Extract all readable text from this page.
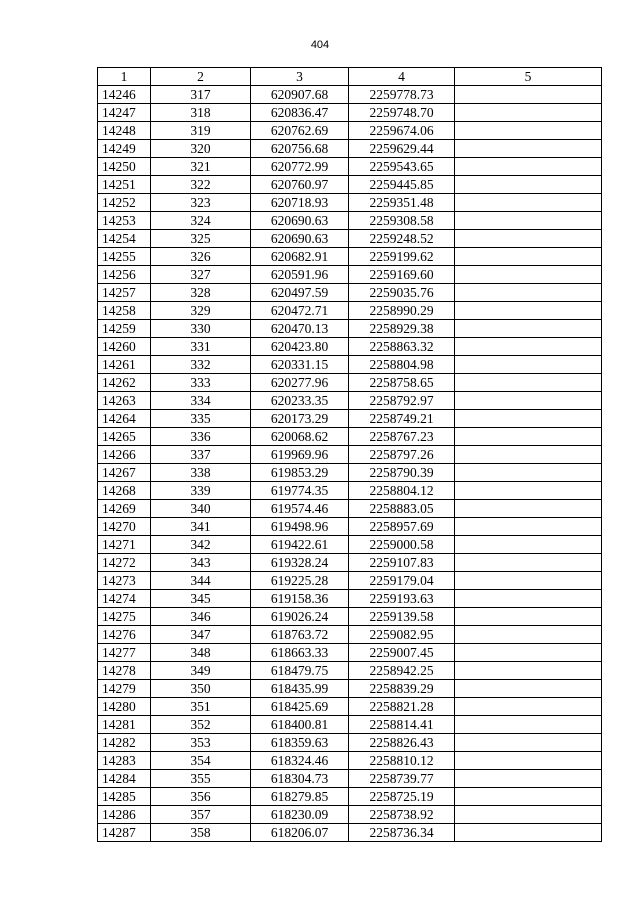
404
1	2	3	4	5
14246	317	620907.68	2259778.73	
14247	318	620836.47	2259748.70	
14248	319	620762.69	2259674.06	
14249	320	620756.68	2259629.44	
14250	321	620772.99	2259543.65	
14251	322	620760.97	2259445.85	
14252	323	620718.93	2259351.48	
14253	324	620690.63	2259308.58	
14254	325	620690.63	2259248.52	
14255	326	620682.91	2259199.62	
14256	327	620591.96	2259169.60	
14257	328	620497.59	2259035.76	
14258	329	620472.71	2258990.29	
14259	330	620470.13	2258929.38	
14260	331	620423.80	2258863.32	
14261	332	620331.15	2258804.98	
14262	333	620277.96	2258758.65	
14263	334	620233.35	2258792.97	
14264	335	620173.29	2258749.21	
14265	336	620068.62	2258767.23	
14266	337	619969.96	2258797.26	
14267	338	619853.29	2258790.39	
14268	339	619774.35	2258804.12	
14269	340	619574.46	2258883.05	
14270	341	619498.96	2258957.69	
14271	342	619422.61	2259000.58	
14272	343	619328.24	2259107.83	
14273	344	619225.28	2259179.04	
14274	345	619158.36	2259193.63	
14275	346	619026.24	2259139.58	
14276	347	618763.72	2259082.95	
14277	348	618663.33	2259007.45	
14278	349	618479.75	2258942.25	
14279	350	618435.99	2258839.29	
14280	351	618425.69	2258821.28	
14281	352	618400.81	2258814.41	
14282	353	618359.63	2258826.43	
14283	354	618324.46	2258810.12	
14284	355	618304.73	2258739.77	
14285	356	618279.85	2258725.19	
14286	357	618230.09	2258738.92	
14287	358	618206.07	2258736.34	
